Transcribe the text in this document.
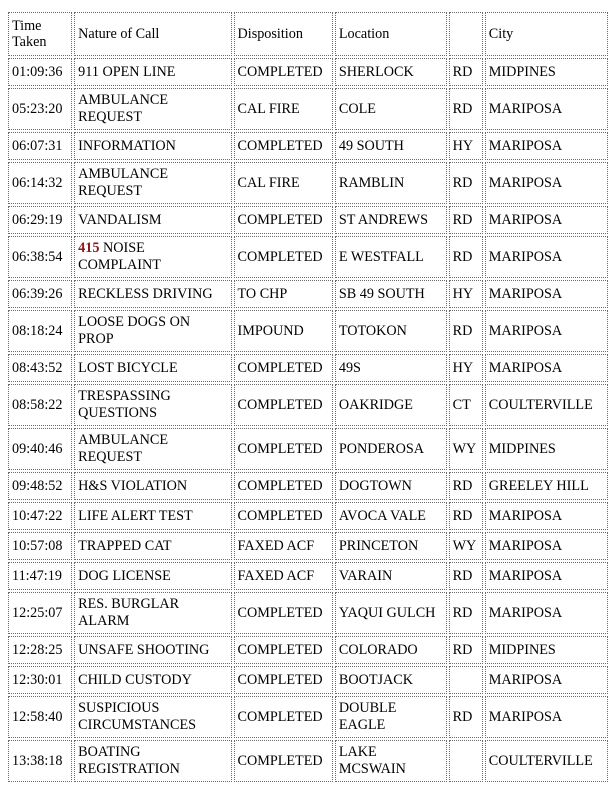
Time Taken	Nature of Call	Disposition	Location		City
01:09:36	911 OPEN LINE	COMPLETED	SHERLOCK	RD	MIDPINES
05:23:20	AMBULANCE REQUEST	CAL FIRE	COLE	RD	MARIPOSA
06:07:31	INFORMATION	COMPLETED	49 SOUTH	HY	MARIPOSA
06:14:32	AMBULANCE REQUEST	CAL FIRE	RAMBLIN	RD	MARIPOSA
06:29:19	VANDALISM	COMPLETED	ST ANDREWS	RD	MARIPOSA
06:38:54	415 NOISE COMPLAINT	COMPLETED	E WESTFALL	RD	MARIPOSA
06:39:26	RECKLESS DRIVING	TO CHP	SB 49 SOUTH	HY	MARIPOSA
08:18:24	LOOSE DOGS ON PROP	IMPOUND	TOTOKON	RD	MARIPOSA
08:43:52	LOST BICYCLE	COMPLETED	49S	HY	MARIPOSA
08:58:22	TRESPASSING QUESTIONS	COMPLETED	OAKRIDGE	CT	COULTERVILLE
09:40:46	AMBULANCE REQUEST	COMPLETED	PONDEROSA	WY	MIDPINES
09:48:52	H&S VIOLATION	COMPLETED	DOGTOWN	RD	GREELEY HILL
10:47:22	LIFE ALERT TEST	COMPLETED	AVOCA VALE	RD	MARIPOSA
10:57:08	TRAPPED CAT	FAXED ACF	PRINCETON	WY	MARIPOSA
11:47:19	DOG LICENSE	FAXED ACF	VARAIN	RD	MARIPOSA
12:25:07	RES. BURGLAR ALARM	COMPLETED	YAQUI GULCH	RD	MARIPOSA
12:28:25	UNSAFE SHOOTING	COMPLETED	COLORADO	RD	MIDPINES
12:30:01	CHILD CUSTODY	COMPLETED	BOOTJACK		MARIPOSA
12:58:40	SUSPICIOUS CIRCUMSTANCES	COMPLETED	DOUBLE EAGLE	RD	MARIPOSA
13:38:18	BOATING REGISTRATION	COMPLETED	LAKE MCSWAIN		COULTERVILLE
